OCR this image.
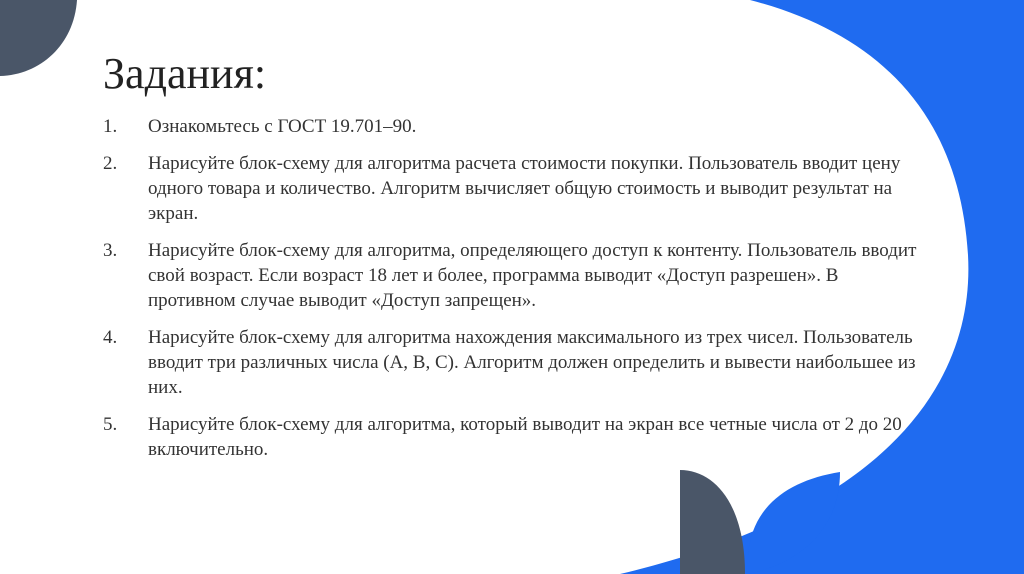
Задания:
1.	Ознакомьтесь с ГОСТ 19.701–90.
2.	Нарисуйте блок-схему для алгоритма расчета стоимости покупки. Пользователь вводит цену одного товара и количество. Алгоритм вычисляет общую стоимость и выводит результат на экран.
3.	Нарисуйте блок-схему для алгоритма, определяющего доступ к контенту. Пользователь вводит свой возраст. Если возраст 18 лет и более, программа выводит «Доступ разрешен». В противном случае выводит «Доступ запрещен».
4.	Нарисуйте блок-схему для алгоритма нахождения максимального из трех чисел. Пользователь вводит три различных числа (A, B, C). Алгоритм должен определить и вывести наибольшее из них.
5.	Нарисуйте блок-схему для алгоритма, который выводит на экран все четные числа от 2 до 20 включительно.
